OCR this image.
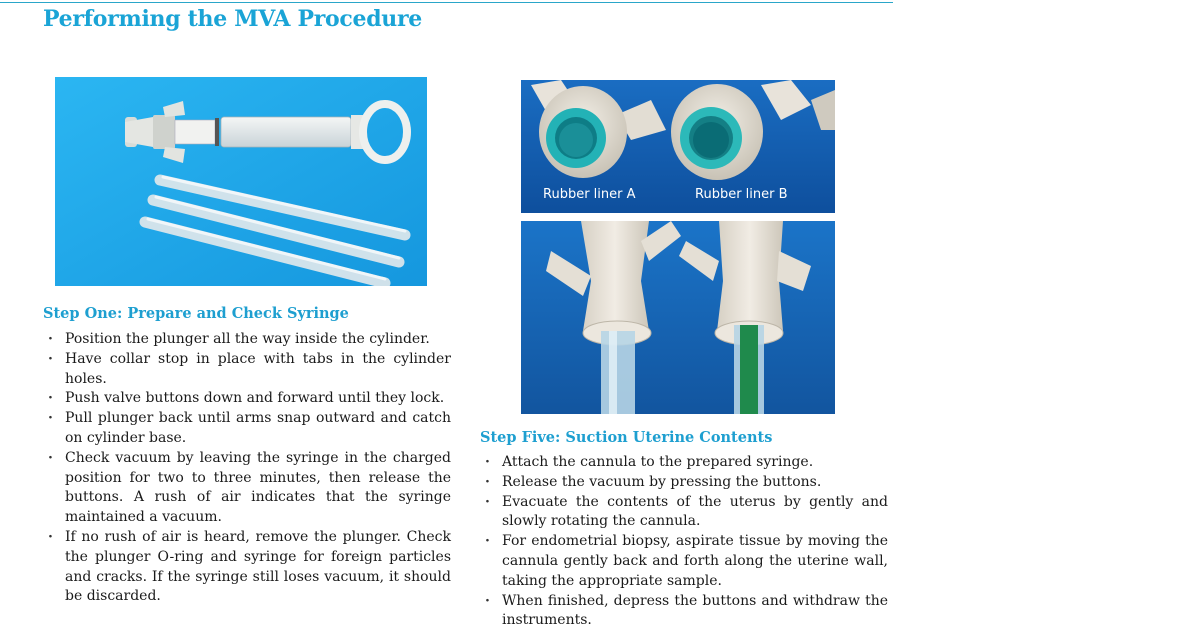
Performing the MVA Procedure
Rubber liner A	Rubber liner B
Step One: Prepare and Check Syringe
· Position the plunger all the way inside the cylinder.
· Have collar stop in place with tabs in the cylinder holes.
· Push valve buttons down and forward until they lock.
· Pull plunger back until arms snap outward and catch on cylinder base.
· Check vacuum by leaving the syringe in the charged position for two to three minutes, then release the buttons. A rush of air indicates that the syringe maintained a vacuum.
· If no rush of air is heard, remove the plunger. Check the plunger O-ring and syringe for foreign particles and cracks. If the syringe still loses vacuum, it should be discarded.
Step Five: Suction Uterine Contents
· Attach the cannula to the prepared syringe.
· Release the vacuum by pressing the buttons.
· Evacuate the contents of the uterus by gently and slowly rotating the cannula.
· For endometrial biopsy, aspirate tissue by moving the cannula gently back and forth along the uterine wall, taking the appropriate sample.
· When finished, depress the buttons and withdraw the instruments.
